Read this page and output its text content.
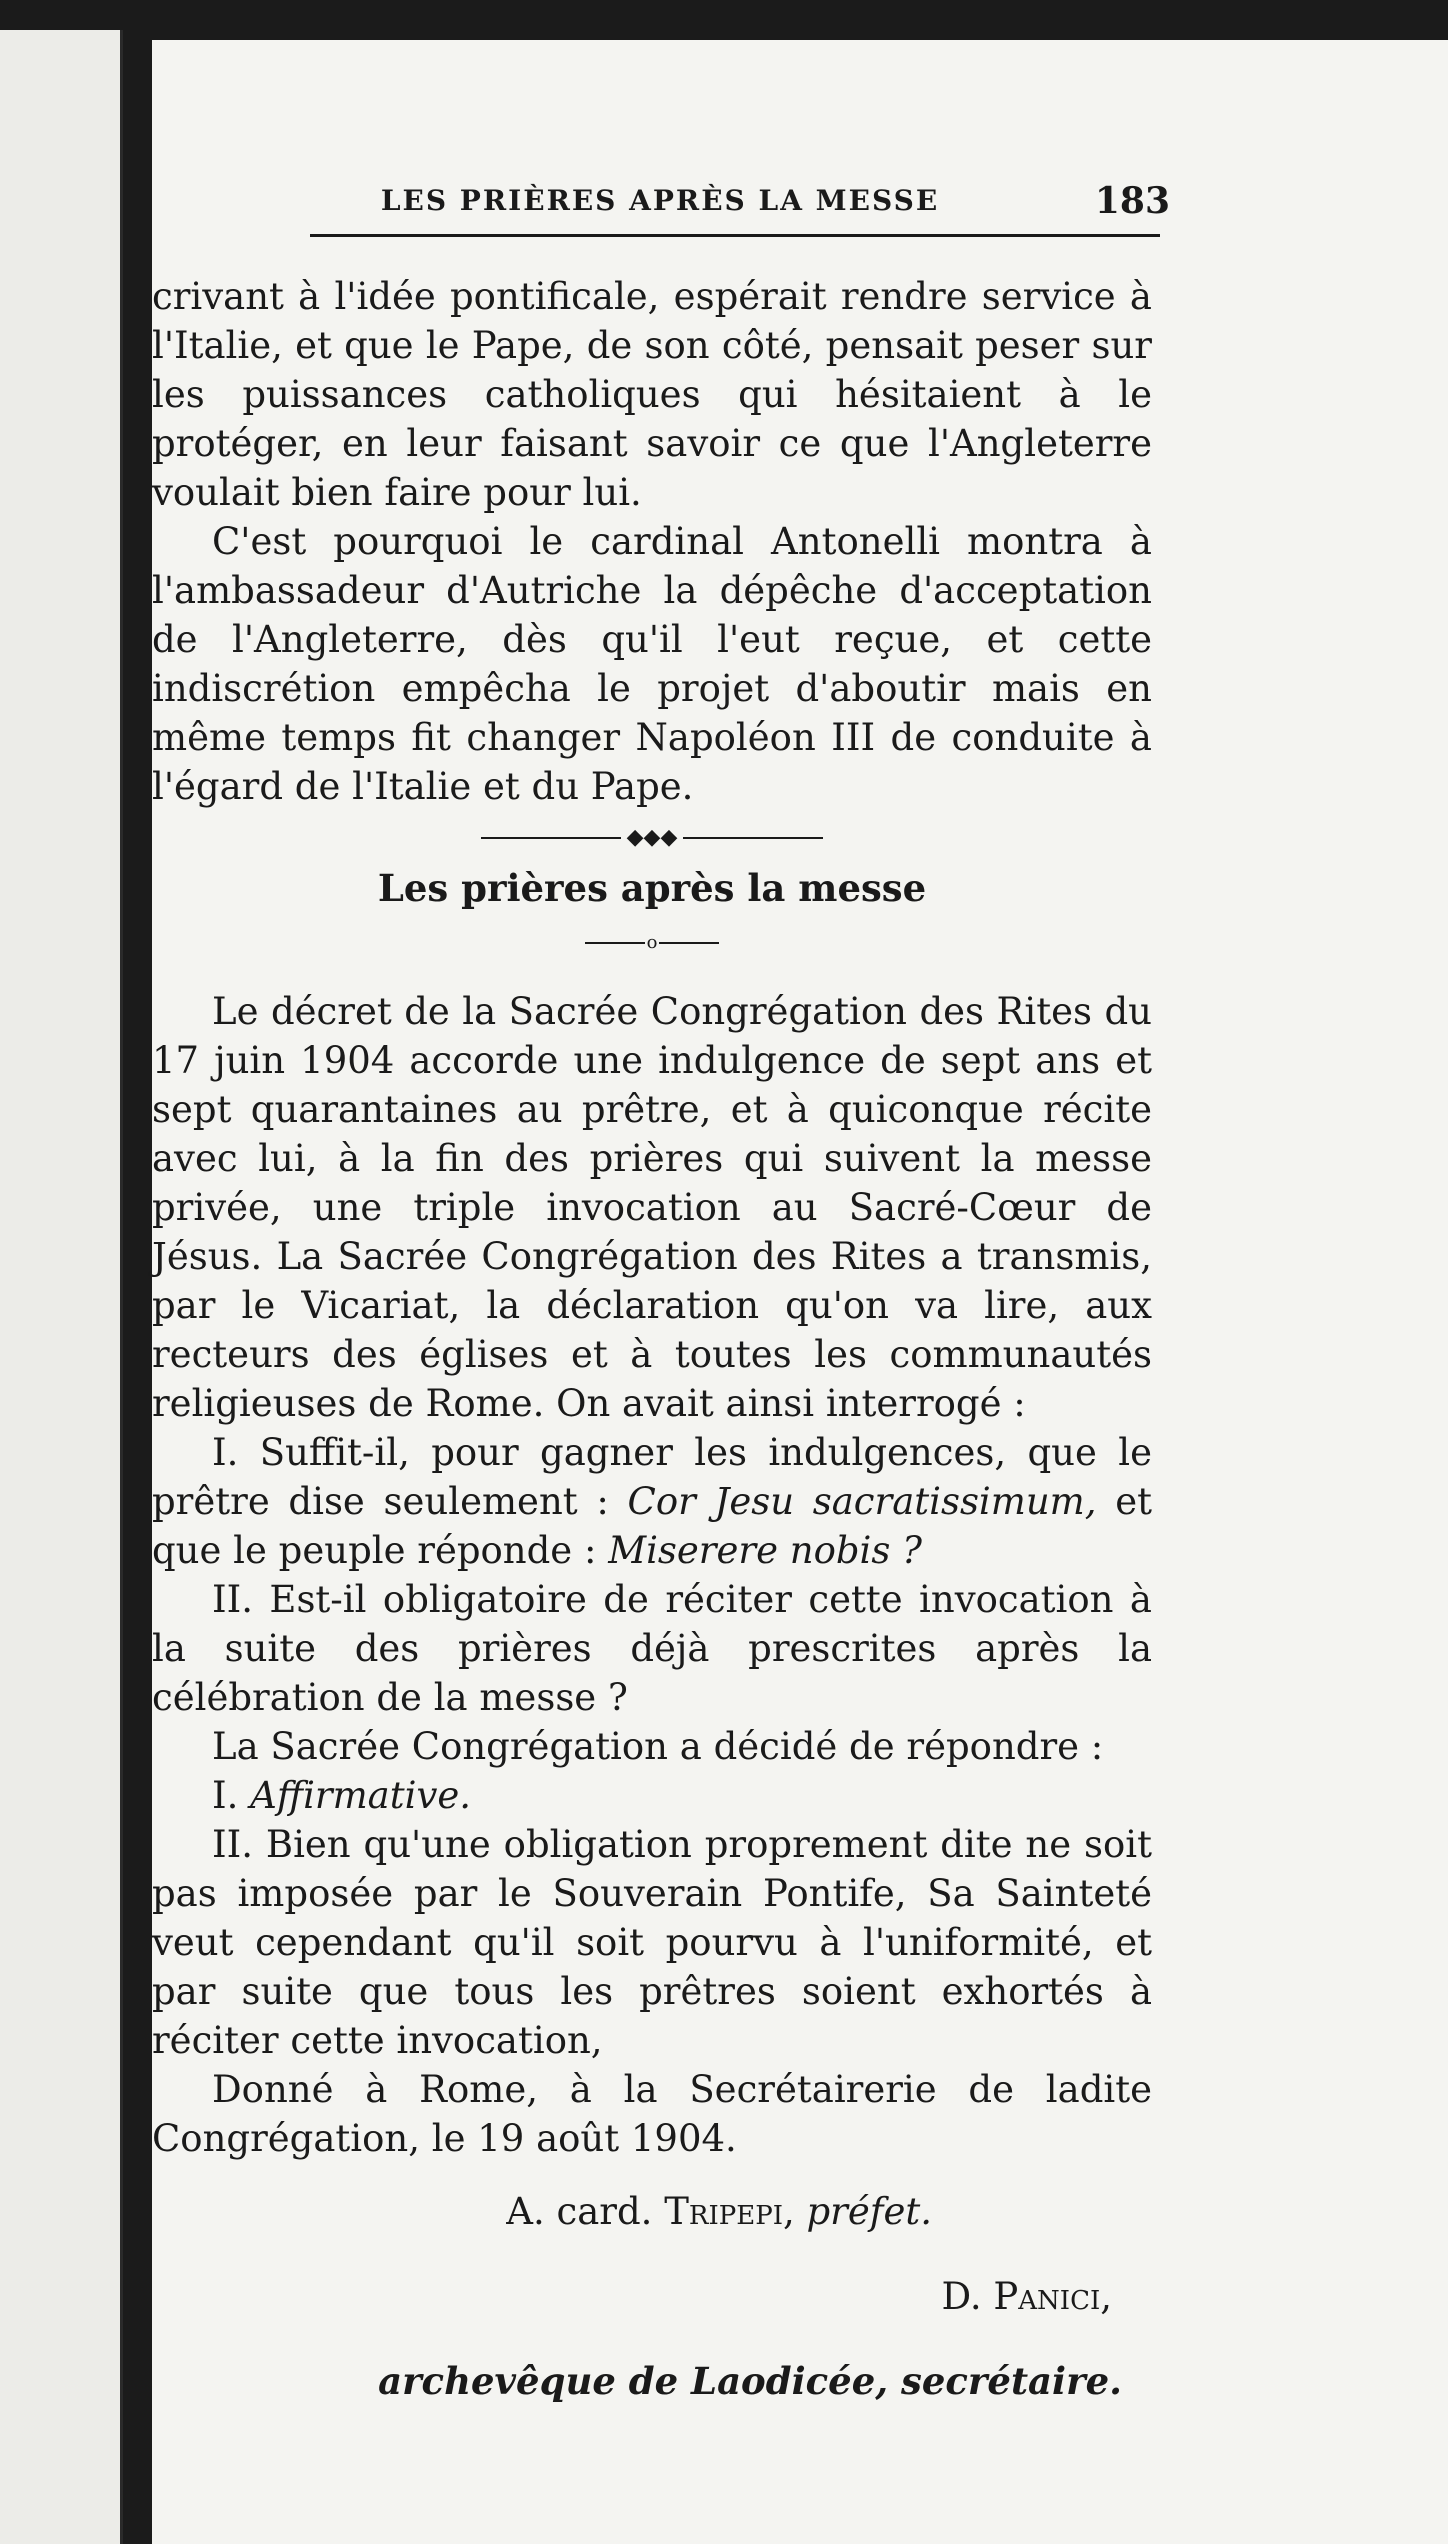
LES PRIÈRES APRÈS LA MESSE	183

crivant à l'idée pontificale, espérait rendre service à l'Italie, et que le Pape, de son côté, pensait peser sur les puissances catholiques qui hésitaient à le protéger, en leur faisant savoir ce que l'Angleterre voulait bien faire pour lui.

C'est pourquoi le cardinal Antonelli montra à l'ambassadeur d'Autriche la dépêche d'acceptation de l'Angleterre, dès qu'il l'eut reçue, et cette indiscrétion empêcha le projet d'aboutir mais en même temps fit changer Napoléon III de conduite à l'égard de l'Italie et du Pape.

◆◆◆
Les prières après la messe
o

Le décret de la Sacrée Congrégation des Rites du 17 juin 1904 accorde une indulgence de sept ans et sept quarantaines au prêtre, et à quiconque récite avec lui, à la fin des prières qui suivent la messe privée, une triple invocation au Sacré-Cœur de Jésus. La Sacrée Congrégation des Rites a transmis, par le Vicariat, la déclaration qu'on va lire, aux recteurs des églises et à toutes les communautés religieuses de Rome. On avait ainsi interrogé :

I. Suffit-il, pour gagner les indulgences, que le prêtre dise seulement : Cor Jesu sacratissimum, et que le peuple réponde : Miserere nobis ?

II. Est-il obligatoire de réciter cette invocation à la suite des prières déjà prescrites après la célébration de la messe ?

La Sacrée Congrégation a décidé de répondre :

I. Affirmative.

II. Bien qu'une obligation proprement dite ne soit pas imposée par le Souverain Pontife, Sa Sainteté veut cependant qu'il soit pourvu à l'uniformité, et par suite que tous les prêtres soient exhortés à réciter cette invocation,

Donné à Rome, à la Secrétairerie de ladite Congrégation, le 19 août 1904.

A. card. Tripepi, préfet.
D. Panici,
archevêque de Laodicée, secrétaire.
